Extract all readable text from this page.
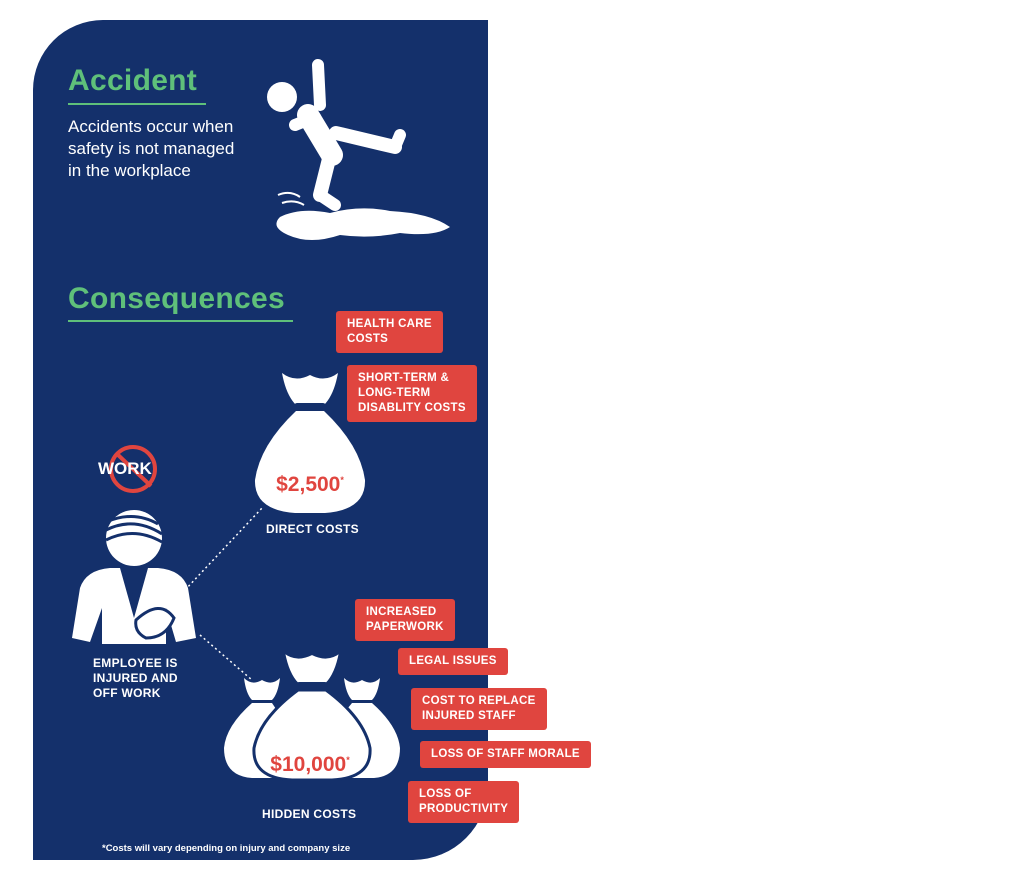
Accident

Accidents occur when
safety is not managed
in the workplace

Consequences
HEALTH CARE
COSTS
SHORT-TERM &
LONG-TERM
DISABLITY COSTS
$2,500*
DIRECT COSTS
WORK
EMPLOYEE IS
INJURED AND
OFF WORK
INCREASED
PAPERWORK
LEGAL ISSUES
COST TO REPLACE
INJURED STAFF
LOSS OF STAFF MORALE
LOSS OF
PRODUCTIVITY
$10,000*
HIDDEN COSTS
*Costs will vary depending on injury and company size
